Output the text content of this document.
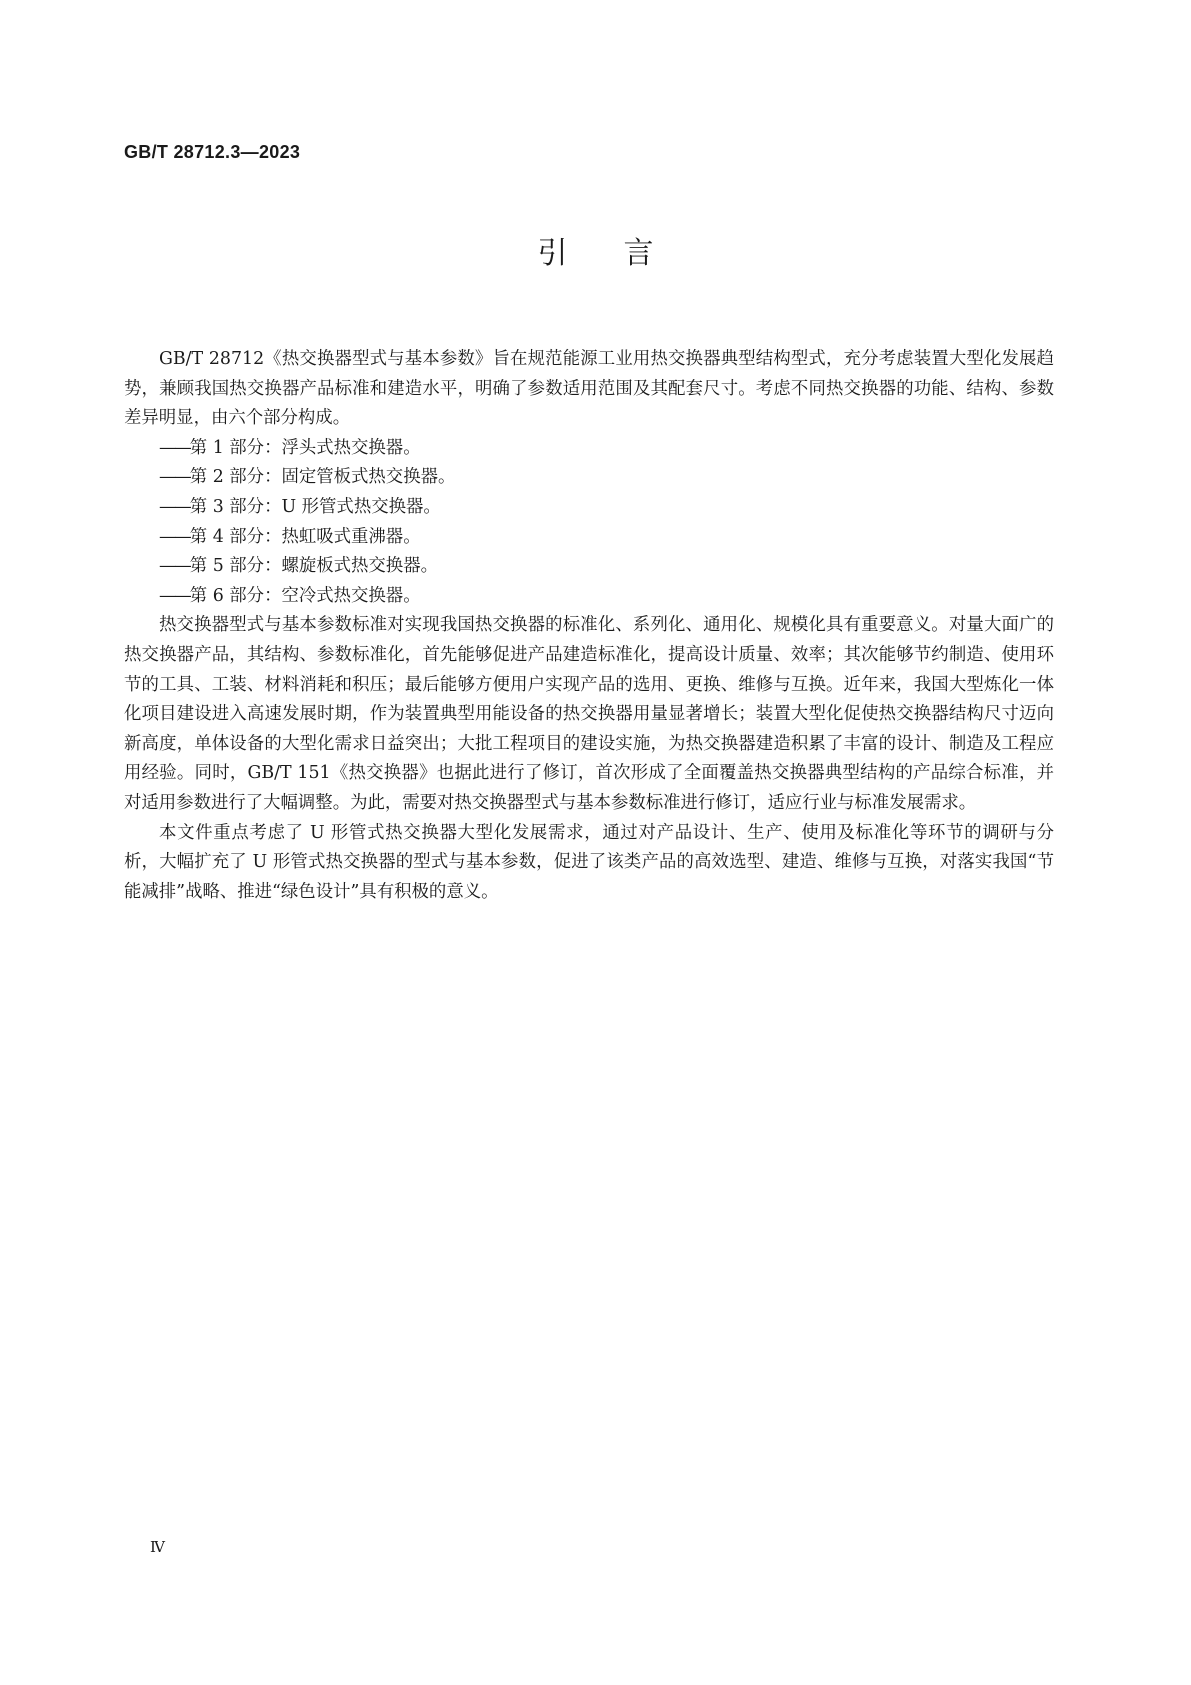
GB/T 28712.3—2023
引言

GB/T 28712《热交换器型式与基本参数》旨在规范能源工业用热交换器典型结构型式，充分考虑装置大型化发展趋势，兼顾我国热交换器产品标准和建造水平，明确了参数适用范围及其配套尺寸。考虑不同热交换器的功能、结构、参数差异明显，由六个部分构成。

——第 1 部分：浮头式热交换器。
——第 2 部分：固定管板式热交换器。
——第 3 部分：U 形管式热交换器。
——第 4 部分：热虹吸式重沸器。
——第 5 部分：螺旋板式热交换器。
——第 6 部分：空冷式热交换器。

热交换器型式与基本参数标准对实现我国热交换器的标准化、系列化、通用化、规模化具有重要意义。对量大面广的热交换器产品，其结构、参数标准化，首先能够促进产品建造标准化，提高设计质量、效率；其次能够节约制造、使用环节的工具、工装、材料消耗和积压；最后能够方便用户实现产品的选用、更换、维修与互换。近年来，我国大型炼化一体化项目建设进入高速发展时期，作为装置典型用能设备的热交换器用量显著增长；装置大型化促使热交换器结构尺寸迈向新高度，单体设备的大型化需求日益突出；大批工程项目的建设实施，为热交换器建造积累了丰富的设计、制造及工程应用经验。同时，GB/T 151《热交换器》也据此进行了修订，首次形成了全面覆盖热交换器典型结构的产品综合标准，并对适用参数进行了大幅调整。为此，需要对热交换器型式与基本参数标准进行修订，适应行业与标准发展需求。

本文件重点考虑了 U 形管式热交换器大型化发展需求，通过对产品设计、生产、使用及标准化等环节的调研与分析，大幅扩充了 U 形管式热交换器的型式与基本参数，促进了该类产品的高效选型、建造、维修与互换，对落实我国“节能减排”战略、推进“绿色设计”具有积极的意义。

Ⅳ
